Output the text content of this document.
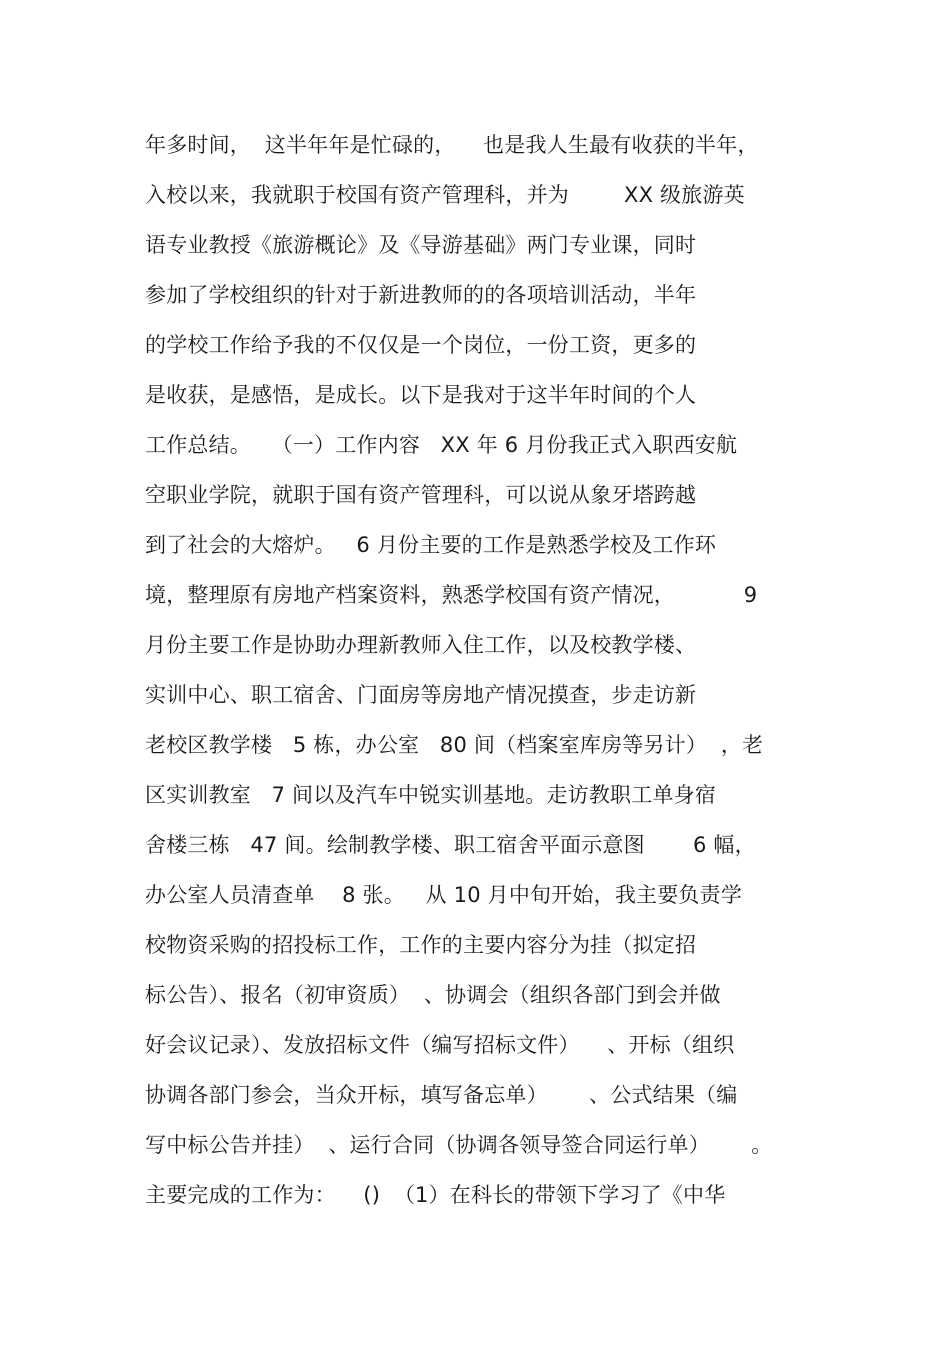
年多时间，  这半年年是忙碌的，    也是我人生最有收获的半年，
入校以来，我就职于校国有资产管理科，并为        XX 级旅游英
语专业教授《旅游概论》及《导游基础》两门专业课，同时
参加了学校组织的针对于新进教师的的各项培训活动，半年
的学校工作给予我的不仅仅是一个岗位，一份工资，更多的
是收获，是感悟，是成长。以下是我对于这半年时间的个人
工作总结。   （一）工作内容   XX 年 6 月份我正式入职西安航
空职业学院，就职于国有资产管理科，可以说从象牙塔跨越
到了社会的大熔炉。   6 月份主要的工作是熟悉学校及工作环
境，整理原有房地产档案资料，熟悉学校国有资产情况，          9
月份主要工作是协助办理新教师入住工作，以及校教学楼、
实训中心、职工宿舍、门面房等房地产情况摸查，步走访新
老校区教学楼   5 栋，办公室   80 间（档案室库房等另计）  ，老
区实训教室   7 间以及汽车中锐实训基地。走访教职工单身宿
舍楼三栋   47 间。绘制教学楼、职工宿舍平面示意图       6 幅，
办公室人员清查单    8 张。   从 10 月中旬开始，我主要负责学
校物资采购的招投标工作，工作的主要内容分为挂（拟定招
标公告）、报名（初审资质）  、协调会（组织各部门到会并做
好会议记录）、发放招标文件（编写招标文件）    、开标（组织
协调各部门参会，当众开标，填写备忘单）      、公式结果（编
写中标公告并挂）  、运行合同（协调各领导签合同运行单）      。
主要完成的工作为：    ()  （1）在科长的带领下学习了《中华
